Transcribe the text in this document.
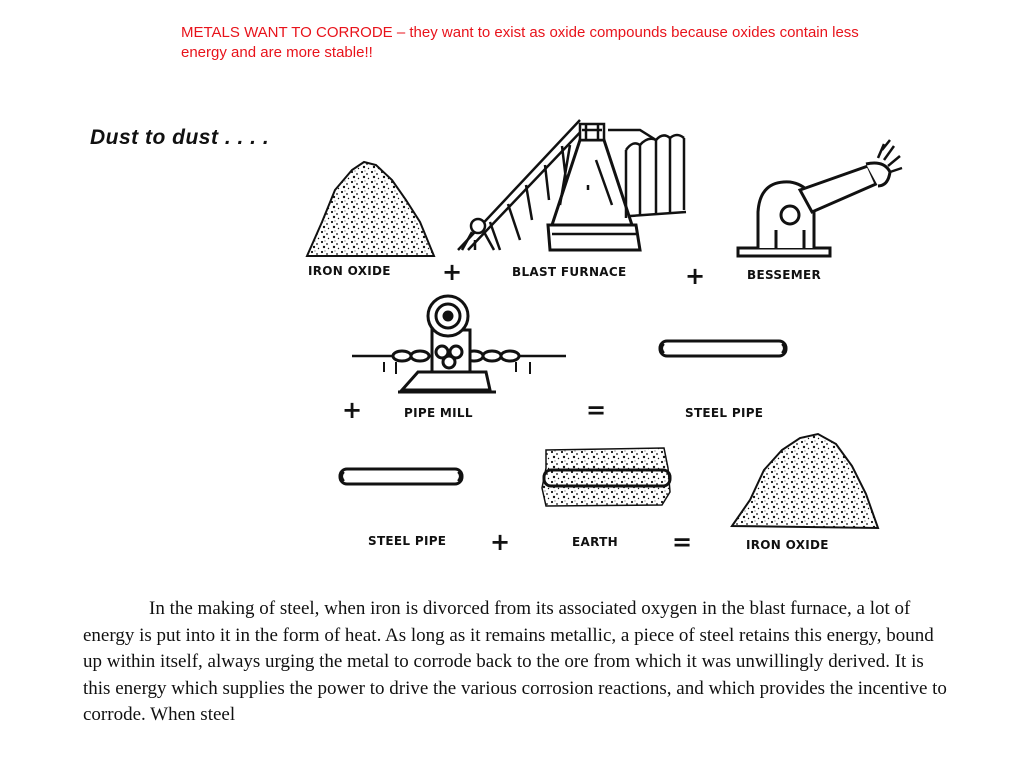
METALS WANT TO CORRODE – they want to exist as oxide compounds because oxides contain less energy and are more stable!!
Dust to dust . . . .
IRON OXIDE +	BLAST FURNACE +	BESSEMER
+	PIPE MILL	=	STEEL PIPE
STEEL PIPE +	EARTH =	IRON OXIDE
In the making of steel, when iron is divorced from its associated oxygen in the blast furnace, a lot of energy is put into it in the form of heat. As long as it remains metallic, a piece of steel retains this energy, bound up within itself, always urging the metal to corrode back to the ore from which it was unwillingly derived. It is this energy which supplies the power to drive the various corrosion reactions, and which provides the incentive to corrode. When steel
